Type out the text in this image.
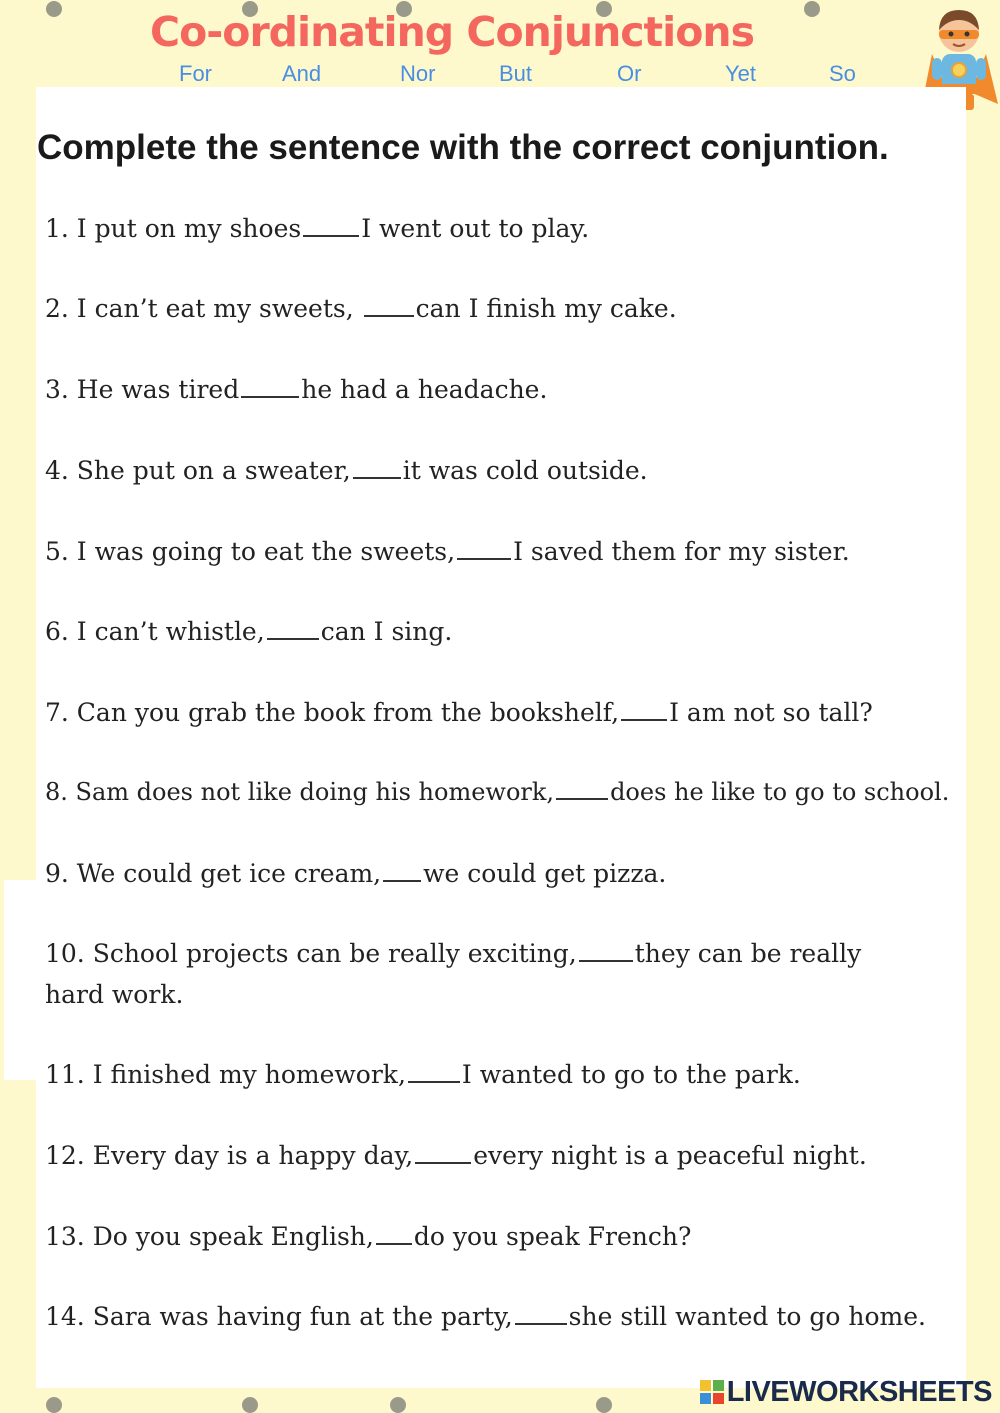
Co-ordinating Conjunctions
For	And	Nor	But	Or	Yet	So
Complete the sentence with the correct conjuntion.

1. I put on my shoes I went out to play.

2. I can’t eat my sweets, can I finish my cake.

3. He was tired he had a headache.

4. She put on a sweater, it was cold outside.

5. I was going to eat the sweets, I saved them for my sister.

6. I can’t whistle, can I sing.

7. Can you grab the book from the bookshelf, I am not so tall?

8. Sam does not like doing his homework, does he like to go to school.

9. We could get ice cream, we could get pizza.

10. School projects can be really exciting, they can be really hard work.

11. I finished my homework, I wanted to go to the park.

12. Every day is a happy day, every night is a peaceful night.

13. Do you speak English, do you speak French?

14. Sara was having fun at the party, she still wanted to go home.

LIVEWORKSHEETS
